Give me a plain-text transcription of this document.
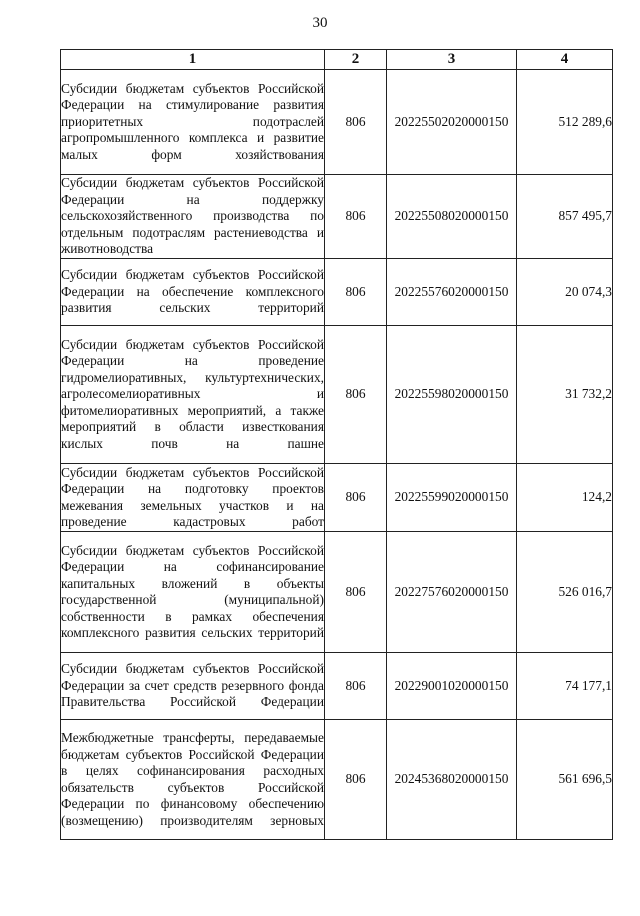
30
1	2	3	4

Субсидии бюджетам субъектов Российской Федерации на стимулирование развития приоритетных подотраслей агропромышленного комплекса и развитие малых форм хозяйствования	806	20225502020000150	512 289,6

Субсидии бюджетам субъектов Российской Федерации на поддержку сельскохозяйственного производства по отдельным подотраслям растениеводства и животноводства	806	20225508020000150	857 495,7

Субсидии бюджетам субъектов Российской Федерации на обеспечение комплексного развития сельских территорий	806	20225576020000150	20 074,3

Субсидии бюджетам субъектов Российской Федерации на проведение гидромелиоративных, культуртехнических, агролесомелиоративных и фитомелиоративных мероприятий, а также мероприятий в области известкования кислых почв на пашне	806	20225598020000150	31 732,2

Субсидии бюджетам субъектов Российской Федерации на подготовку проектов межевания земельных участков и на проведение кадастровых работ	806	20225599020000150	124,2

Субсидии бюджетам субъектов Российской Федерации на софинансирование капитальных вложений в объекты государственной (муниципальной) собственности в рамках обеспечения комплексного развития сельских территорий	806	20227576020000150	526 016,7

Субсидии бюджетам субъектов Российской Федерации за счет средств резервного фонда Правительства Российской Федерации	806	20229001020000150	74 177,1

Межбюджетные трансферты, передаваемые бюджетам субъектов Российской Федерации в целях софинансирования расходных обязательств субъектов Российской Федерации по финансовому обеспечению (возмещению) производителям зерновых	806	20245368020000150	561 696,5
